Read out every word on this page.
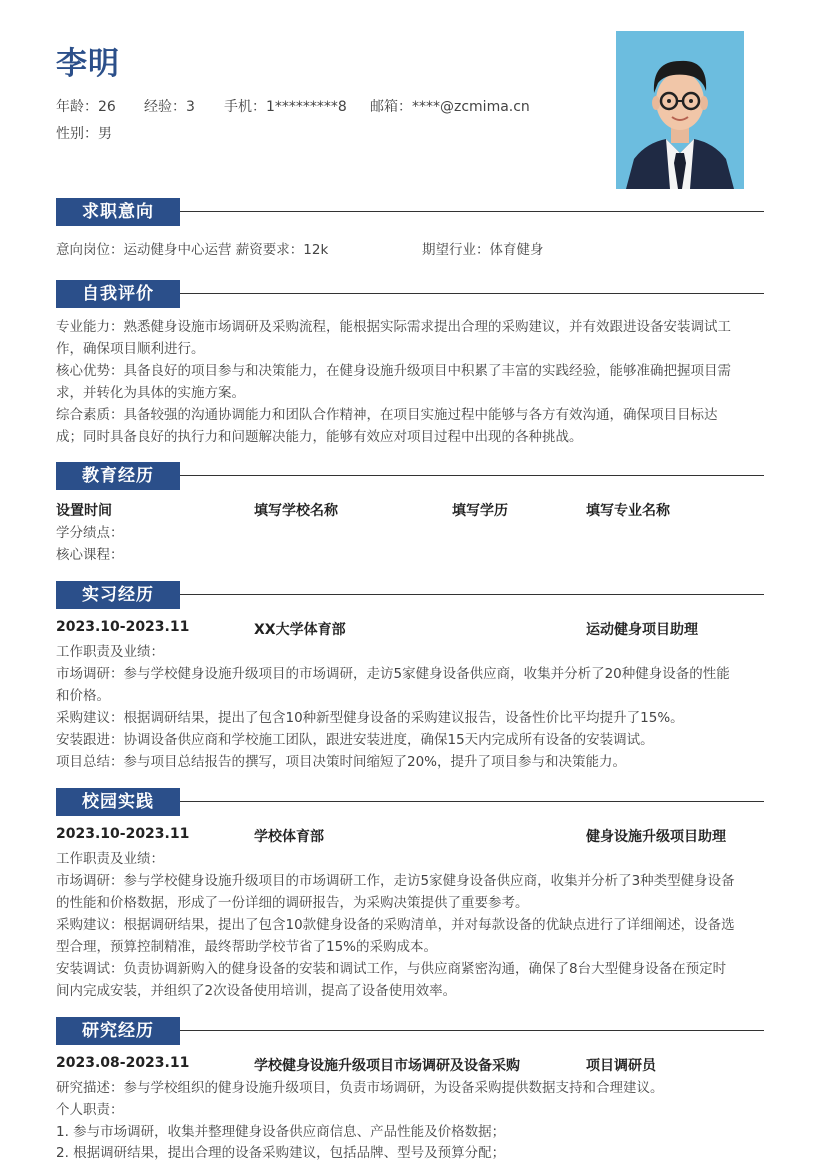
李明
年龄：26 经验：3 手机：1*********8 邮箱：****@zcmima.cn
性别：男
求职意向
意向岗位：运动健身中心运营 薪资要求：12k	期望行业：体育健身
自我评价
专业能力：熟悉健身设施市场调研及采购流程，能根据实际需求提出合理的采购建议，并有效跟进设备安装调试工
作，确保项目顺利进行。
核心优势：具备良好的项目参与和决策能力，在健身设施升级项目中积累了丰富的实践经验，能够准确把握项目需
求，并转化为具体的实施方案。
综合素质：具备较强的沟通协调能力和团队合作精神，在项目实施过程中能够与各方有效沟通，确保项目目标达
成；同时具备良好的执行力和问题解决能力，能够有效应对项目过程中出现的各种挑战。
教育经历
设置时间	填写学校名称	填写学历	填写专业名称
学分绩点：
核心课程：
实习经历
2023.10-2023.11	XX大学体育部	运动健身项目助理
工作职责及业绩：
市场调研：参与学校健身设施升级项目的市场调研，走访5家健身设备供应商，收集并分析了20种健身设备的性能
和价格。
采购建议：根据调研结果，提出了包含10种新型健身设备的采购建议报告，设备性价比平均提升了15%。
安装跟进：协调设备供应商和学校施工团队，跟进安装进度，确保15天内完成所有设备的安装调试。
项目总结：参与项目总结报告的撰写，项目决策时间缩短了20%，提升了项目参与和决策能力。
校园实践
2023.10-2023.11	学校体育部	健身设施升级项目助理
工作职责及业绩：
市场调研：参与学校健身设施升级项目的市场调研工作，走访5家健身设备供应商，收集并分析了3种类型健身设备
的性能和价格数据，形成了一份详细的调研报告，为采购决策提供了重要参考。
采购建议：根据调研结果，提出了包含10款健身设备的采购清单，并对每款设备的优缺点进行了详细阐述，设备选
型合理，预算控制精准，最终帮助学校节省了15%的采购成本。
安装调试：负责协调新购入的健身设备的安装和调试工作，与供应商紧密沟通，确保了8台大型健身设备在预定时
间内完成安装，并组织了2次设备使用培训，提高了设备使用效率。
研究经历
2023.08-2023.11	学校健身设施升级项目市场调研及设备采购	项目调研员
研究描述：参与学校组织的健身设施升级项目，负责市场调研，为设备采购提供数据支持和合理建议。
个人职责：
1. 参与市场调研，收集并整理健身设备供应商信息、产品性能及价格数据；
2. 根据调研结果，提出合理的设备采购建议，包括品牌、型号及预算分配；
